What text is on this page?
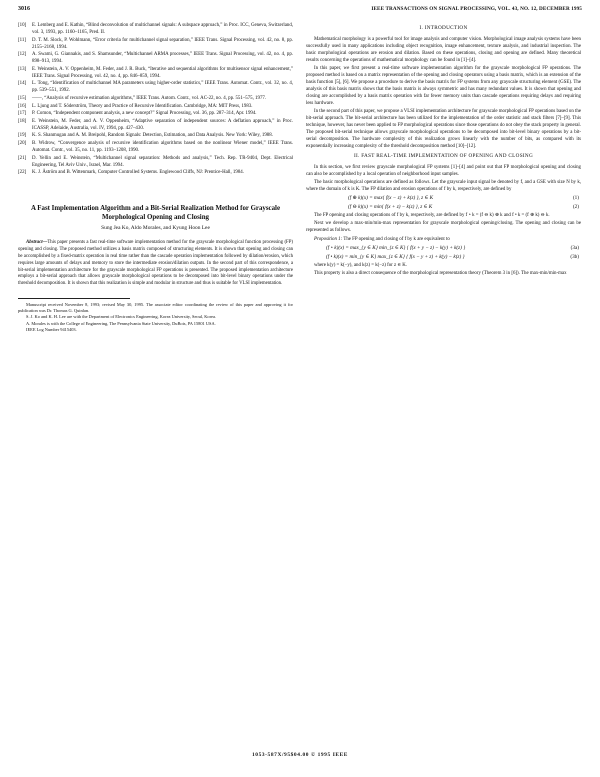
3016	IEEE TRANSACTIONS ON SIGNAL PROCESSING, VOL. 43, NO. 12, DECEMBER 1995
[10] E. Lemberg and E. Kathin, “Blind deconvolution of multichannel signals: A subspace approach,” in Proc. ICC, Geneva, Switzerland, vol. 3, 1993, pp. 1160–1165, Pred. II.
[11] D. T. M. Slock, P. Wohlmann, “Error criteria for multichannel signal separation,” IEEE Trans. Signal Processing, vol. 42, no. 8, pp. 2155–2168, 1994.
[12] A. Swami, G. Giannakis, and S. Shamsunder, “Multichannel ARMA processes,” IEEE Trans. Signal Processing, vol. 42, no. 4, pp. 898–913, 1994.
[13] E. Weinstein, A. V. Oppenheim, M. Feder, and J. R. Buck, “Iterative and sequential algorithms for multisensor signal enhancement,” IEEE Trans. Signal Processing, vol. 42, no. 4, pp. 846–859, 1994.
[14] L. Tong, “Identification of multichannel MA parameters using higher-order statistics,” IEEE Trans. Automat. Contr., vol. 32, no. 4, pp. 539–551, 1992.
[15] ——, “Analysis of recursive estimation algorithms,” IEEE Trans. Autom. Contr., vol. AC-22, no. 4, pp. 551–575, 1977.
[16] L. Ljung and T. Söderström, Theory and Practice of Recursive Identification. Cambridge, MA: MIT Press, 1983.
[17] P. Comon, “Independent component analysis, a new concept?” Signal Processing, vol. 36, pp. 287–314, Apr. 1994.
[18] E. Weinstein, M. Feder, and A. V. Oppenheim, “Adaptive separation of independent sources: A deflation approach,” in Proc. ICASSP, Adelaide, Australia, vol. IV, 1994, pp. 427–430.
[19] K. S. Shanmugan and A. M. Breipohl, Random Signals: Detection, Estimation, and Data Analysis. New York: Wiley, 1988.
[20] B. Widrow, “Convergence analysis of recursive identification algorithms based on the nonlinear Wiener model,” IEEE Trans. Automat. Contr., vol. 35, no. 11, pp. 1193–1208, 1990.
[21] D. Yellin and E. Weinstein, “Multichannel signal separation: Methods and analysis,” Tech. Rep. TR-9404, Dept. Electrical Engineering, Tel Aviv Univ., Israel, Mar. 1994.
[22] K. J. Åström and B. Wittenmark, Computer Controlled Systems. Englewood Cliffs, NJ: Prentice-Hall, 1984.
A Fast Implementation Algorithm and a Bit-Serial Realization Method for Grayscale Morphological Opening and Closing
Sung Jea Ko, Aldo Morales, and Kyung Hoon Lee
Abstract—This paper presents a fast real-time software implementation method for the grayscale morphological function processing (FP) opening and closing. The proposed method utilizes a basis matrix composed of structuring elements. It is shown that opening and closing can be accomplished by a fixed-matrix operation in real time rather than the cascade operation implementation followed by dilation/erosion, which requires large amounts of delays and memory to store the intermediate erosion/dilation outputs. In the second part of this correspondence, a bit-serial implementation architecture for the grayscale morphological FP operations is presented. The proposed implementation architecture employs a bit-serial approach that allows grayscale morphological operations to be decomposed into bit-level binary operations under the threshold decomposition. It is shown that this realization is simple and modular in structure and thus is suitable for VLSI implementation.
Manuscript received November 8, 1993; revised May 30, 1995. The associate editor coordinating the review of this paper and approving it for publication was Dr. Thomas G. Quinlan.
S. J. Ko and K. H. Lee are with the Department of Electronics Engineering, Korea University, Seoul, Korea.
A. Morales is with the College of Engineering, The Pennsylvania State University, DuBois, PA 15801 USA.
IEEE Log Number 9415403.
I. INTRODUCTION

Mathematical morphology is a powerful tool for image analysis and computer vision. Morphological image analysis systems have been successfully used in many applications including object recognition, image enhancement, texture analysis, and industrial inspection. The basic morphological operations are erosion and dilation. Based on these operations, closing and opening are defined. Many theoretical results concerning the operations of mathematical morphology can be found in [1]–[4].

In this paper, we first present a real-time software implementation algorithm for the grayscale morphological FP operations. The proposed method is based on a matrix representation of the opening and closing operators using a basis matrix, which is an extension of the basis function [5], [6]. We propose a procedure to derive the basis matrix for FP systems from any grayscale structuring element (GSE). The analysis of this basis matrix shows that the basis matrix is always symmetric and has many redundant values. It is shown that opening and closing are accomplished by a basis matrix operation with far fewer memory units than cascade operations requiring delays and requiring less hardware.

In the second part of this paper, we propose a VLSI implementation architecture for grayscale morphological FP operations based on the bit-serial approach. The bit-serial architecture has been utilized for the implementation of the order statistic and stack filters [7]–[9]. This technique, however, has never been applied to FP morphological operations since those operations do not obey the stack property in general. The proposed bit-serial technique allows grayscale morphological operations to be decomposed into bit-level binary operations by a bit-serial decomposition. The hardware complexity of this realization grows linearly with the number of bits, as compared with its exponentially increasing complexity of the threshold decomposition method [10]–[12].

II. FAST REAL-TIME IMPLEMENTATION OF OPENING AND CLOSING

In this section, we first review grayscale morphological FP systems [1]–[4] and point out that FP morphological opening and closing can also be accomplished by a local operation of neighborhood input samples.

The basic morphological operations are defined as follows. Let the grayscale input signal be denoted by f, and a GSE with size N by k, where the domain of k is K. The FP dilation and erosion operations of f by k, respectively, are defined by

(f ⊕ k)(x) = max{ f(x − z) + k(z) }, z ∈ K	(1)
(f ⊖ k)(x) = min{ f(x + z) − k(z) }, z ∈ K	(2)

The FP opening and closing operations of f by k, respectively, are defined by f ∘ k = (f ⊖ k) ⊕ k and f • k = (f ⊕ k) ⊖ k.

Next we develop a max-min/min-max representation for grayscale morphological opening/closing. The opening and closing can be represented as follows.

Proposition 1: The FP opening and closing of f by k are equivalent to

(f ∘ k)(x) = max_{y ∈ K} min_{z ∈ K} { f(x + y − z) − k(y) + k(z) }	(3a)
(f • k)(x) = min_{y ∈ K} max_{z ∈ K} { f(x − y + z) + k(y) − k(z) }	(3b)

where k(y) = k(−y), and k(z) = k(−z) for z ∈ K.

This property is also a direct consequence of the morphological representation theory (Theorem 3 in [6]). The max-min/min-max

1053-587X/95$04.00 © 1995 IEEE
